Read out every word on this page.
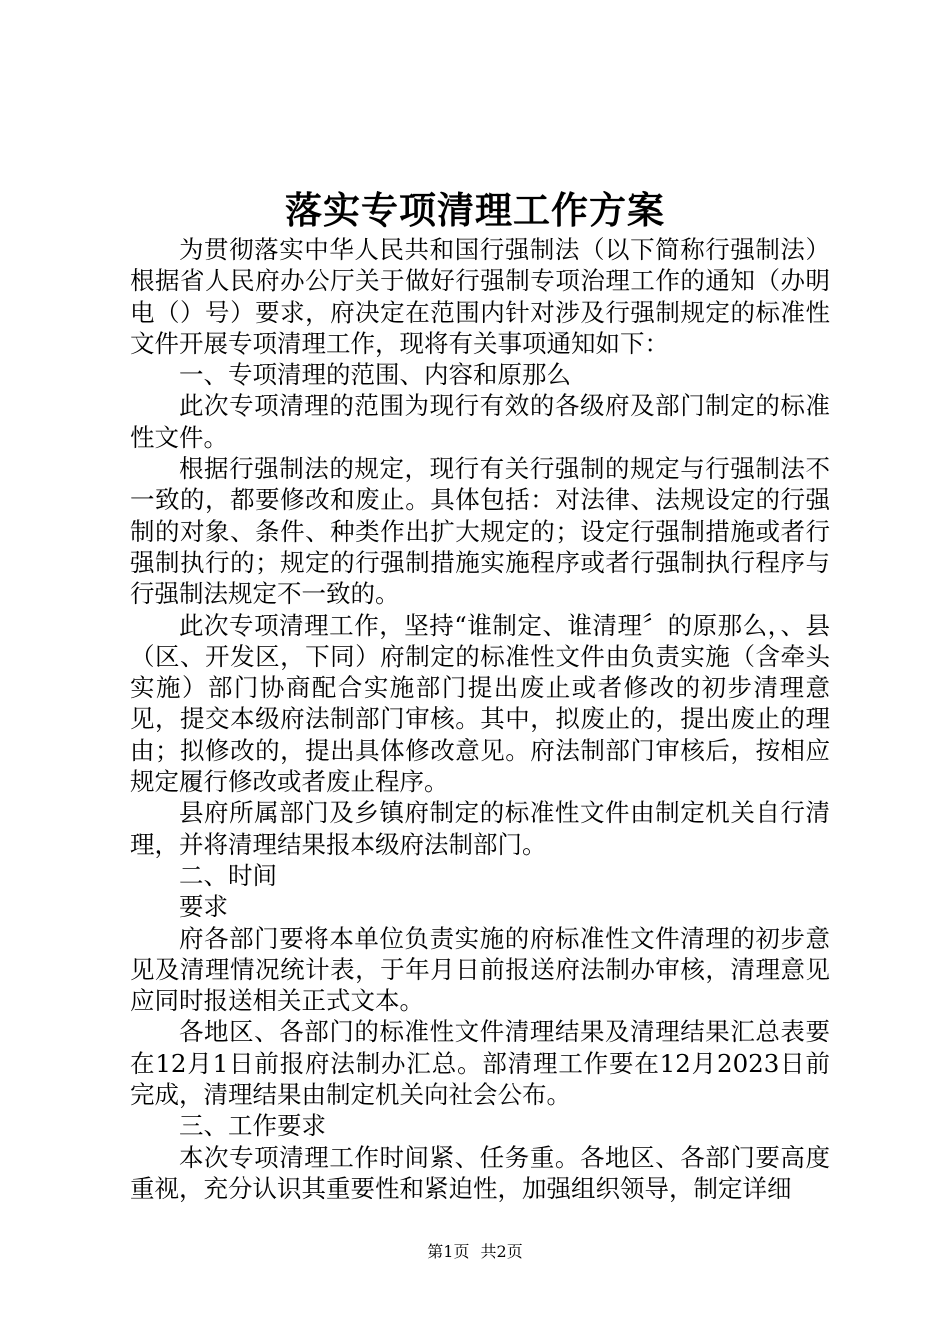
落实专项清理工作方案

为贯彻落实中华人民共和国行强制法（以下简称行强制法）根据省人民府办公厅关于做好行强制专项治理工作的通知（办明电（）号）要求，府决定在范围内针对涉及行强制规定的标准性文件开展专项清理工作，现将有关事项通知如下：

一、专项清理的范围、内容和原那么

此次专项清理的范围为现行有效的各级府及部门制定的标准性文件。

根据行强制法的规定，现行有关行强制的规定与行强制法不一致的，都要修改和废止。具体包括：对法律、法规设定的行强制的对象、条件、种类作出扩大规定的；设定行强制措施或者行强制执行的；规定的行强制措施实施程序或者行强制执行程序与行强制法规定不一致的。

此次专项清理工作，坚持“谁制定、谁清理〞的原那么，、县（区、开发区，下同）府制定的标准性文件由负责实施（含牵头实施）部门协商配合实施部门提出废止或者修改的初步清理意见，提交本级府法制部门审核。其中，拟废止的，提出废止的理由；拟修改的，提出具体修改意见。府法制部门审核后，按相应规定履行修改或者废止程序。

县府所属部门及乡镇府制定的标准性文件由制定机关自行清理，并将清理结果报本级府法制部门。

二、时间

要求

府各部门要将本单位负责实施的府标准性文件清理的初步意见及清理情况统计表，于年月日前报送府法制办审核，清理意见应同时报送相关正式文本。

各地区、各部门的标准性文件清理结果及清理结果汇总表要在12月1日前报府法制办汇总。部清理工作要在12月2023日前完成，清理结果由制定机关向社会公布。

三、工作要求

本次专项清理工作时间紧、任务重。各地区、各部门要高度重视，充分认识其重要性和紧迫性，加强组织领导，制定详细

第1页 共2页
